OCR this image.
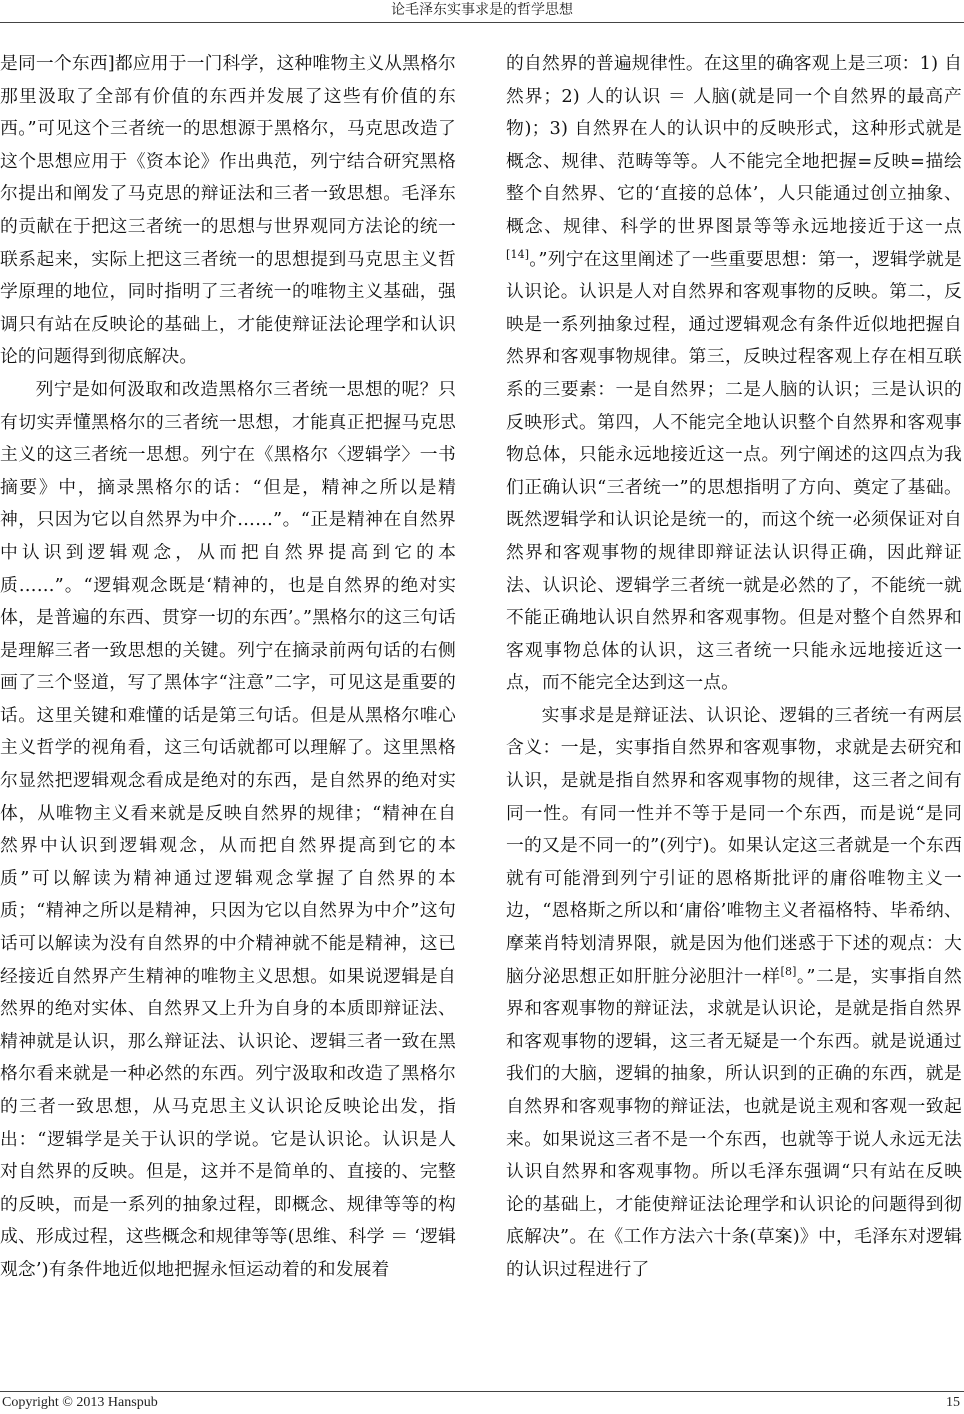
论毛泽东实事求是的哲学思想

是同一个东西]都应用于一门科学，这种唯物主义从黑格尔那里汲取了全部有价值的东西并发展了这些有价值的东西。”可见这个三者统一的思想源于黑格尔，马克思改造了这个思想应用于《资本论》作出典范，列宁结合研究黑格尔提出和阐发了马克思的辩证法和三者一致思想。毛泽东的贡献在于把这三者统一的思想与世界观同方法论的统一联系起来，实际上把这三者统一的思想提到马克思主义哲学原理的地位，同时指明了三者统一的唯物主义基础，强调只有站在反映论的基础上，才能使辩证法论理学和认识论的问题得到彻底解决。

列宁是如何汲取和改造黑格尔三者统一思想的呢？只有切实弄懂黑格尔的三者统一思想，才能真正把握马克思主义的这三者统一思想。列宁在《黑格尔〈逻辑学〉一书摘要》中，摘录黑格尔的话：“但是，精神之所以是精神，只因为它以自然界为中介……”。“正是精神在自然界中认识到逻辑观念，从而把自然界提高到它的本质……”。“逻辑观念既是‘精神的，也是自然界的绝对实体，是普遍的东西、贯穿一切的东西’。”黑格尔的这三句话是理解三者一致思想的关键。列宁在摘录前两句话的右侧画了三个竖道，写了黑体字“注意”二字，可见这是重要的话。这里关键和难懂的话是第三句话。但是从黑格尔唯心主义哲学的视角看，这三句话就都可以理解了。这里黑格尔显然把逻辑观念看成是绝对的东西，是自然界的绝对实体，从唯物主义看来就是反映自然界的规律；“精神在自然界中认识到逻辑观念，从而把自然界提高到它的本质”可以解读为精神通过逻辑观念掌握了自然界的本质；“精神之所以是精神，只因为它以自然界为中介”这句话可以解读为没有自然界的中介精神就不能是精神，这已经接近自然界产生精神的唯物主义思想。如果说逻辑是自然界的绝对实体、自然界又上升为自身的本质即辩证法、精神就是认识，那么辩证法、认识论、逻辑三者一致在黑格尔看来就是一种必然的东西。列宁汲取和改造了黑格尔的三者一致思想，从马克思主义认识论反映论出发，指出：“逻辑学是关于认识的学说。它是认识论。认识是人对自然界的反映。但是，这并不是简单的、直接的、完整的反映，而是一系列的抽象过程，即概念、规律等等的构成、形成过程，这些概念和规律等等(思维、科学 ＝ ‘逻辑观念’)有条件地近似地把握永恒运动着的和发展着

的自然界的普遍规律性。在这里的确客观上是三项：1) 自然界；2) 人的认识 ＝ 人脑(就是同一个自然界的最高产物)；3) 自然界在人的认识中的反映形式，这种形式就是概念、规律、范畴等等。人不能完全地把握=反映=描绘整个自然界、它的‘直接的总体’，人只能通过创立抽象、概念、规律、科学的世界图景等等永远地接近于这一点[14]。”列宁在这里阐述了一些重要思想：第一，逻辑学就是认识论。认识是人对自然界和客观事物的反映。第二，反映是一系列抽象过程，通过逻辑观念有条件近似地把握自然界和客观事物规律。第三，反映过程客观上存在相互联系的三要素：一是自然界；二是人脑的认识；三是认识的反映形式。第四，人不能完全地认识整个自然界和客观事物总体，只能永远地接近这一点。列宁阐述的这四点为我们正确认识“三者统一”的思想指明了方向、奠定了基础。既然逻辑学和认识论是统一的，而这个统一必须保证对自然界和客观事物的规律即辩证法认识得正确，因此辩证法、认识论、逻辑学三者统一就是必然的了，不能统一就不能正确地认识自然界和客观事物。但是对整个自然界和客观事物总体的认识，这三者统一只能永远地接近这一点，而不能完全达到这一点。

实事求是是辩证法、认识论、逻辑的三者统一有两层含义：一是，实事指自然界和客观事物，求就是去研究和认识，是就是指自然界和客观事物的规律，这三者之间有同一性。有同一性并不等于是同一个东西，而是说“是同一的又是不同一的”(列宁)。如果认定这三者就是一个东西就有可能滑到列宁引证的恩格斯批评的庸俗唯物主义一边，“恩格斯之所以和‘庸俗’唯物主义者福格特、毕希纳、摩莱肖特划清界限，就是因为他们迷惑于下述的观点：大脑分泌思想正如肝脏分泌胆汁一样[8]。”二是，实事指自然界和客观事物的辩证法，求就是认识论，是就是指自然界和客观事物的逻辑，这三者无疑是一个东西。就是说通过我们的大脑，逻辑的抽象，所认识到的正确的东西，就是自然界和客观事物的辩证法，也就是说主观和客观一致起来。如果说这三者不是一个东西，也就等于说人永远无法认识自然界和客观事物。所以毛泽东强调“只有站在反映论的基础上，才能使辩证法论理学和认识论的问题得到彻底解决”。在《工作方法六十条(草案)》中，毛泽东对逻辑的认识过程进行了

Copyright © 2013 Hanspub	15
